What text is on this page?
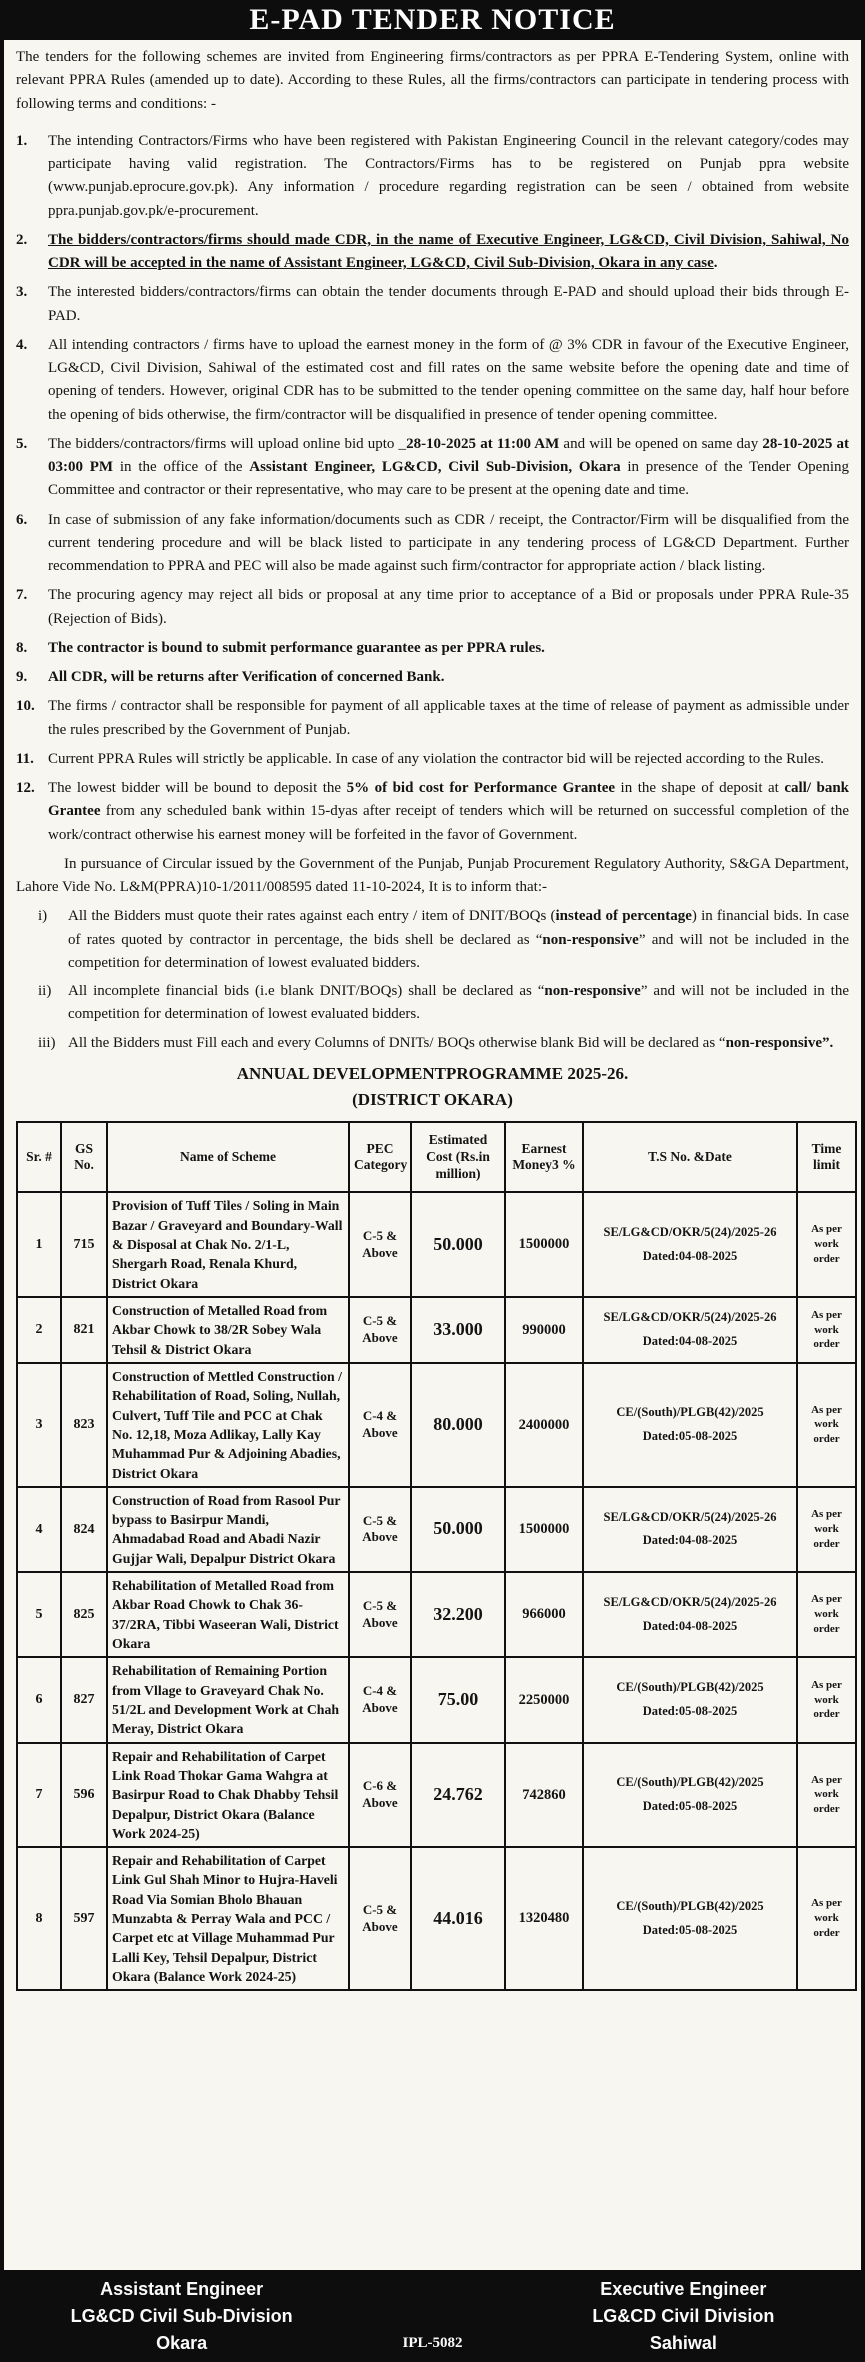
E-PAD TENDER NOTICE

The tenders for the following schemes are invited from Engineering firms/contractors as per PPRA E-Tendering System, online with relevant PPRA Rules (amended up to date). According to these Rules, all the firms/contractors can participate in tendering process with following terms and conditions: -

1.	The intending Contractors/Firms who have been registered with Pakistan Engineering Council in the relevant category/codes may participate having valid registration. The Contractors/Firms has to be registered on Punjab ppra website (www.punjab.eprocure.gov.pk). Any information / procedure regarding registration can be seen / obtained from website ppra.punjab.gov.pk/e-procurement.
2.	The bidders/contractors/firms should made CDR, in the name of Executive Engineer, LG&CD, Civil Division, Sahiwal, No CDR will be accepted in the name of Assistant Engineer, LG&CD, Civil Sub-Division, Okara in any case.
3.	The interested bidders/contractors/firms can obtain the tender documents through E-PAD and should upload their bids through E-PAD.
4.	All intending contractors / firms have to upload the earnest money in the form of @ 3% CDR in favour of the Executive Engineer, LG&CD, Civil Division, Sahiwal of the estimated cost and fill rates on the same website before the opening date and time of opening of tenders. However, original CDR has to be submitted to the tender opening committee on the same day, half hour before the opening of bids otherwise, the firm/contractor will be disqualified in presence of tender opening committee.
5.	The bidders/contractors/firms will upload online bid upto _28-10-2025 at 11:00 AM and will be opened on same day 28-10-2025 at 03:00 PM in the office of the Assistant Engineer, LG&CD, Civil Sub-Division, Okara in presence of the Tender Opening Committee and contractor or their representative, who may care to be present at the opening date and time.
6.	In case of submission of any fake information/documents such as CDR / receipt, the Contractor/Firm will be disqualified from the current tendering procedure and will be black listed to participate in any tendering process of LG&CD Department. Further recommendation to PPRA and PEC will also be made against such firm/contractor for appropriate action / black listing.
7.	The procuring agency may reject all bids or proposal at any time prior to acceptance of a Bid or proposals under PPRA Rule-35 (Rejection of Bids).
8.	The contractor is bound to submit performance guarantee as per PPRA rules.
9.	All CDR, will be returns after Verification of concerned Bank.
10. The firms / contractor shall be responsible for payment of all applicable taxes at the time of release of payment as admissible under the rules prescribed by the Government of Punjab.
11. Current PPRA Rules will strictly be applicable. In case of any violation the contractor bid will be rejected according to the Rules.
12. The lowest bidder will be bound to deposit the 5% of bid cost for Performance Grantee in the shape of deposit at call/ bank Grantee from any scheduled bank within 15-dyas after receipt of tenders which will be returned on successful completion of the work/contract otherwise his earnest money will be forfeited in the favor of Government.

In pursuance of Circular issued by the Government of the Punjab, Punjab Procurement Regulatory Authority, S&GA Department, Lahore Vide No. L&M(PPRA)10-1/2011/008595 dated 11-10-2024, It is to inform that:-

i)	All the Bidders must quote their rates against each entry / item of DNIT/BOQs (instead of percentage) in financial bids. In case of rates quoted by contractor in percentage, the bids shell be declared as “non-responsive” and will not be included in the competition for determination of lowest evaluated bidders.
ii)	All incomplete financial bids (i.e blank DNIT/BOQs) shall be declared as “non-responsive” and will not be included in the competition for determination of lowest evaluated bidders.
iii) All the Bidders must Fill each and every Columns of DNITs/ BOQs otherwise blank Bid will be declared as “non-responsive”.
ANNUAL DEVELOPMENTPROGRAMME 2025-26.
(DISTRICT OKARA)
Sr. #	GS No.	Name of Scheme	PEC Category	Estimated Cost (Rs.in million)	Earnest Money3 %	T.S No. &Date	Time limit
1	715	Provision of Tuff Tiles / Soling in Main Bazar / Graveyard and Boundary-Wall & Disposal at Chak No. 2/1-L, Shergarh Road, Renala Khurd, District Okara	C-5 & Above	50.000	1500000	SE/LG&CD/OKR/5(24)/2025-26
Dated:04-08-2025	As per work order
2	821	Construction of Metalled Road from Akbar Chowk to 38/2R Sobey Wala Tehsil & District Okara	C-5 & Above	33.000	990000	SE/LG&CD/OKR/5(24)/2025-26
Dated:04-08-2025	As per work order
3	823	Construction of Mettled Construction / Rehabilitation of Road, Soling, Nullah, Culvert, Tuff Tile and PCC at Chak No. 12,18, Moza Adlikay, Lally Kay Muhammad Pur & Adjoining Abadies, District Okara	C-4 & Above	80.000	2400000	CE/(South)/PLGB(42)/2025
Dated:05-08-2025	As per work order
4	824	Construction of Road from Rasool Pur bypass to Basirpur Mandi, Ahmadabad Road and Abadi Nazir Gujjar Wali, Depalpur District Okara	C-5 & Above	50.000	1500000	SE/LG&CD/OKR/5(24)/2025-26
Dated:04-08-2025	As per work order
5	825	Rehabilitation of Metalled Road from Akbar Road Chowk to Chak 36-37/2RA, Tibbi Waseeran Wali, District Okara	C-5 & Above	32.200	966000	SE/LG&CD/OKR/5(24)/2025-26
Dated:04-08-2025	As per work order
6	827	Rehabilitation of Remaining Portion from Vllage to Graveyard Chak No. 51/2L and Development Work at Chah Meray, District Okara	C-4 & Above	75.00	2250000	CE/(South)/PLGB(42)/2025
Dated:05-08-2025	As per work order
7	596	Repair and Rehabilitation of Carpet Link Road Thokar Gama Wahgra at Basirpur Road to Chak Dhabby Tehsil Depalpur, District Okara (Balance Work 2024-25)	C-6 & Above	24.762	742860	CE/(South)/PLGB(42)/2025
Dated:05-08-2025	As per work order
8	597	Repair and Rehabilitation of Carpet Link Gul Shah Minor to Hujra-Haveli Road Via Somian Bholo Bhauan Munzabta & Perray Wala and PCC / Carpet etc at Village Muhammad Pur Lalli Key, Tehsil Depalpur, District Okara (Balance Work 2024-25)	C-5 & Above	44.016	1320480	CE/(South)/PLGB(42)/2025
Dated:05-08-2025	As per work order
Assistant Engineer
LG&CD Civil Sub-Division
Okara	IPL-5082
Executive Engineer
LG&CD Civil Division
Sahiwal
